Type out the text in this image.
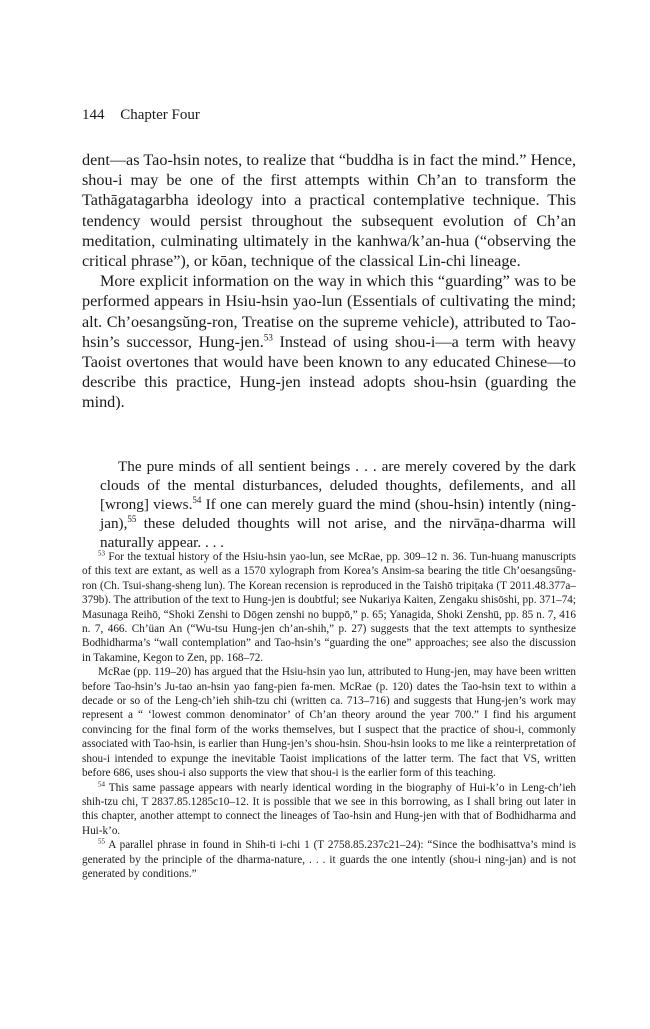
144 Chapter Four

dent—as Tao-hsin notes, to realize that “buddha is in fact the mind.” Hence, shou-i may be one of the first attempts within Ch’an to transform the Tathāgatagarbha ideology into a practical contemplative technique. This tendency would persist throughout the subsequent evolution of Ch’an meditation, culminating ultimately in the kanhwa/k’an-hua (“observing the critical phrase”), or kōan, technique of the classical Lin-chi lineage.

More explicit information on the way in which this “guarding” was to be performed appears in Hsiu-hsin yao-lun (Essentials of cultivating the mind; alt. Ch’oesangsŭng-ron, Treatise on the supreme vehicle), attributed to Tao-hsin’s successor, Hung-jen.$^{53}$ Instead of using shou-i—a term with heavy Taoist overtones that would have been known to any educated Chinese—to describe this practice, Hung-jen instead adopts shou-hsin (guarding the mind).

The pure minds of all sentient beings . . . are merely covered by the dark clouds of the mental disturbances, deluded thoughts, defilements, and all [wrong] views.$^{54}$ If one can merely guard the mind (shou-hsin) intently (ning-jan),$^{55}$ these deluded thoughts will not arise, and the nirvāṇa-dharma will naturally appear. . . .

$^{53}$ For the textual history of the Hsiu-hsin yao-lun, see McRae, pp. 309–12 n. 36. Tun-huang manuscripts of this text are extant, as well as a 1570 xylograph from Korea’s Ansim-sa bearing the title Ch’oesangsŭng-ron (Ch. Tsui-shang-sheng lun). The Korean recension is reproduced in the Taishō tripiṭaka (T 2011.48.377a–379b). The attribution of the text to Hung-jen is doubtful; see Nukariya Kaiten, Zengaku shisōshi, pp. 371–74; Masunaga Reihō, “Shoki Zenshi to Dōgen zenshi no buppō,” p. 65; Yanagida, Shoki Zenshū, pp. 85 n. 7, 416 n. 7, 466. Ch’üan An (“Wu-tsu Hung-jen ch’an-shih,” p. 27) suggests that the text attempts to synthesize Bodhidharma’s “wall contemplation” and Tao-hsin’s “guarding the one” approaches; see also the discussion in Takamine, Kegon to Zen, pp. 168–72.

McRae (pp. 119–20) has argued that the Hsiu-hsin yao lun, attributed to Hung-jen, may have been written before Tao-hsin’s Ju-tao an-hsin yao fang-pien fa-men. McRae (p. 120) dates the Tao-hsin text to within a decade or so of the Leng-ch’ieh shih-tzu chi (written ca. 713–716) and suggests that Hung-jen’s work may represent a “ ‘lowest common denominator’ of Ch’an theory around the year 700.” I find his argument convincing for the final form of the works themselves, but I suspect that the practice of shou-i, commonly associated with Tao-hsin, is earlier than Hung-jen’s shou-hsin. Shou-hsin looks to me like a reinterpretation of shou-i intended to expunge the inevitable Taoist implications of the latter term. The fact that VS, written before 686, uses shou-i also supports the view that shou-i is the earlier form of this teaching.

$^{54}$ This same passage appears with nearly identical wording in the biography of Hui-k’o in Leng-ch’ieh shih-tzu chi, T 2837.85.1285c10–12. It is possible that we see in this borrowing, as I shall bring out later in this chapter, another attempt to connect the lineages of Tao-hsin and Hung-jen with that of Bodhidharma and Hui-k’o.

$^{55}$ A parallel phrase in found in Shih-ti i-chi 1 (T 2758.85.237c21–24): “Since the bodhisattva’s mind is generated by the principle of the dharma-nature, . . . it guards the one intently (shou-i ning-jan) and is not generated by conditions.”
